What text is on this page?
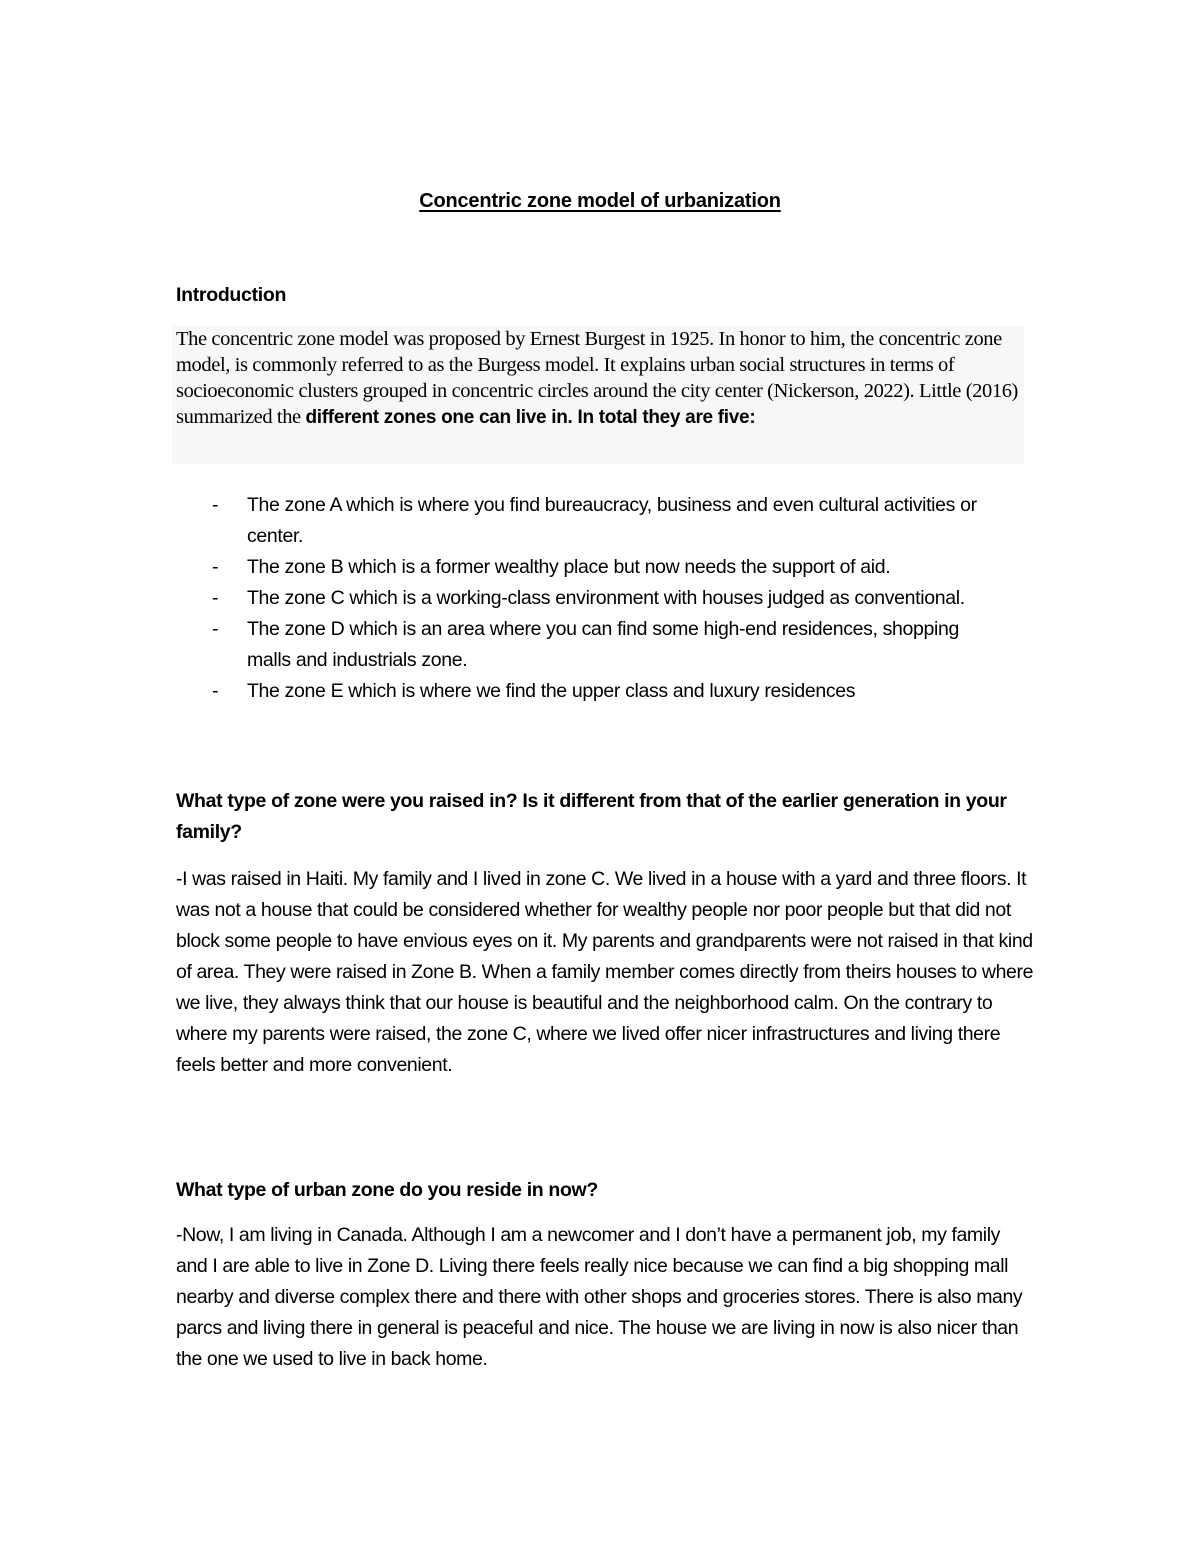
Concentric zone model of urbanization
Introduction
The concentric zone model was proposed by Ernest Burgest in 1925. In honor to him, the concentric zone model, is commonly referred to as the Burgess model. It explains urban social structures in terms of socioeconomic clusters grouped in concentric circles around the city center (Nickerson, 2022). Little (2016) summarized the different zones one can live in. In total they are five:
- The zone A which is where you find bureaucracy, business and even cultural activities or center.
- The zone B which is a former wealthy place but now needs the support of aid.
- The zone C which is a working-class environment with houses judged as conventional.
- The zone D which is an area where you can find some high-end residences, shopping malls and industrials zone.
- The zone E which is where we find the upper class and luxury residences
What type of zone were you raised in? Is it different from that of the earlier generation in your family?

-I was raised in Haiti. My family and I lived in zone C. We lived in a house with a yard and three floors. It was not a house that could be considered whether for wealthy people nor poor people but that did not block some people to have envious eyes on it. My parents and grandparents were not raised in that kind of area. They were raised in Zone B. When a family member comes directly from theirs houses to where we live, they always think that our house is beautiful and the neighborhood calm. On the contrary to where my parents were raised, the zone C, where we lived offer nicer infrastructures and living there feels better and more convenient.

What type of urban zone do you reside in now?

-Now, I am living in Canada. Although I am a newcomer and I don’t have a permanent job, my family and I are able to live in Zone D. Living there feels really nice because we can find a big shopping mall nearby and diverse complex there and there with other shops and groceries stores. There is also many parcs and living there in general is peaceful and nice. The house we are living in now is also nicer than the one we used to live in back home.
